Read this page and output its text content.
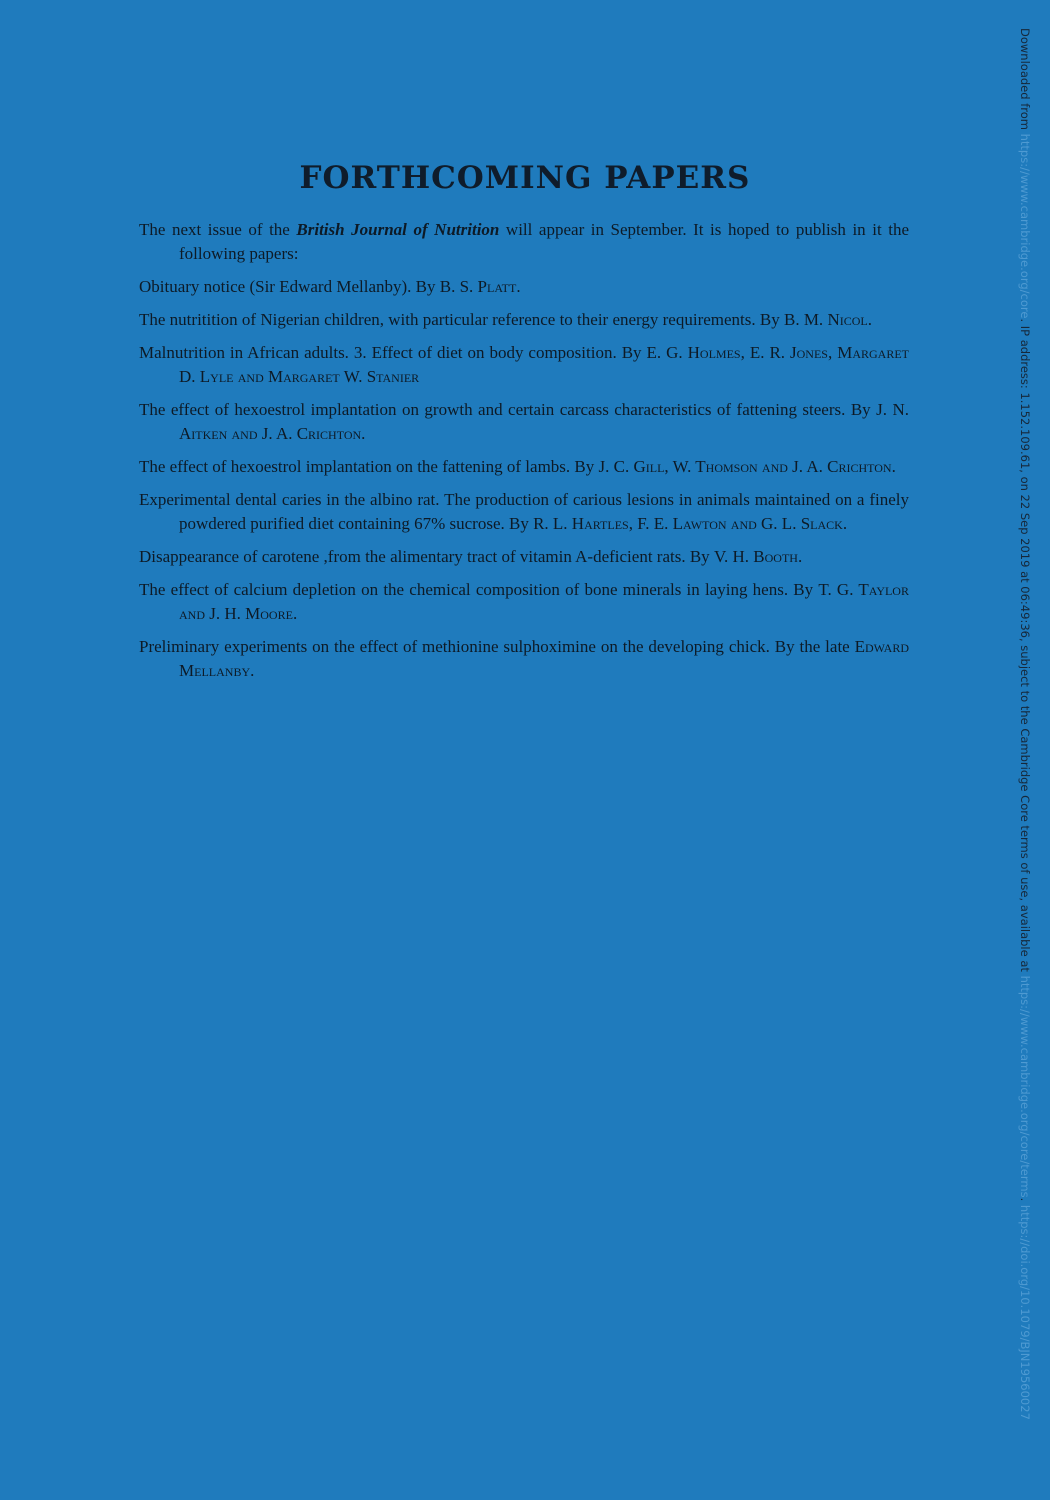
FORTHCOMING PAPERS

The next issue of the British Journal of Nutrition will appear in September. It is hoped to publish in it the following papers:

Obituary notice (Sir Edward Mellanby). By B. S. Platt.

The nutritition of Nigerian children, with particular reference to their energy requirements. By B. M. Nicol.

Malnutrition in African adults. 3. Effect of diet on body composition. By E. G. Holmes, E. R. Jones, Margaret D. Lyle and Margaret W. Stanier

The effect of hexoestrol implantation on growth and certain carcass characteristics of fattening steers. By J. N. Aitken and J. A. Crichton.

The effect of hexoestrol implantation on the fattening of lambs. By J. C. Gill, W. Thomson and J. A. Crichton.

Experimental dental caries in the albino rat. The production of carious lesions in animals maintained on a finely powdered purified diet containing 67% sucrose. By R. L. Hartles, F. E. Lawton and G. L. Slack.

Disappearance of carotene ,from the alimentary tract of vitamin A-deficient rats. By V. H. Booth.

The effect of calcium depletion on the chemical composition of bone minerals in laying hens. By T. G. Taylor and J. H. Moore.

Preliminary experiments on the effect of methionine sulphoximine on the developing chick. By the late Edward Mellanby.

Downloaded from https://www.cambridge.org/core. IP address: 1.152.109.61, on 22 Sep 2019 at 06:49:36, subject to the Cambridge Core terms of use, available at https://www.cambridge.org/core/terms. https://doi.org/10.1079/BJN19560027
